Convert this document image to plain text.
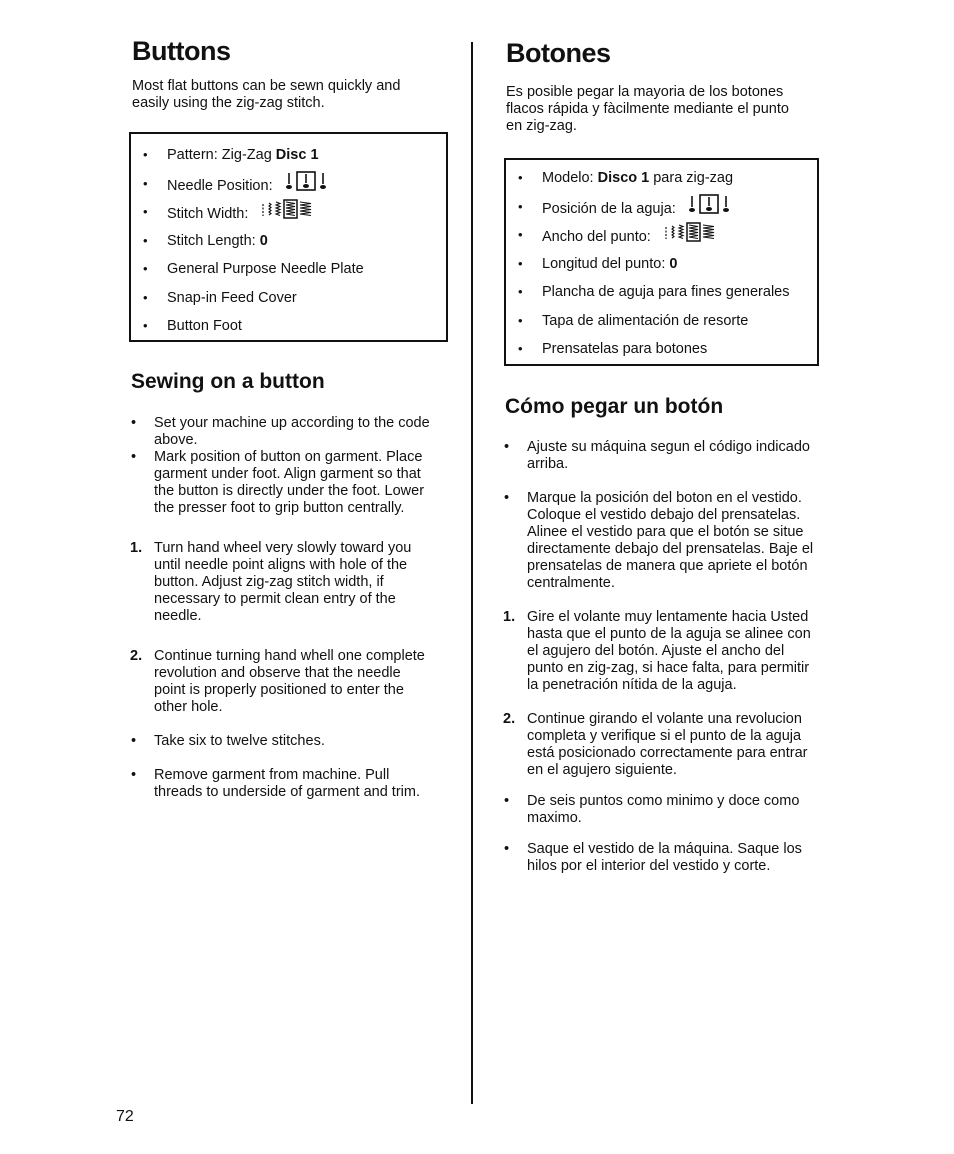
Buttons

Most flat buttons can be sewn quickly and easily using the zig-zag stitch.

• Pattern: Zig-Zag Disc 1
• Needle Position:
• Stitch Width:
• Stitch Length: 0
• General Purpose Needle Plate
• Snap-in Feed Cover
• Button Foot
Sewing on a button
•	Set your machine up according to the code above.
•	Mark position of button on garment. Place garment under foot. Align garment so that the button is directly under the foot. Lower the presser foot to grip button centrally.
1. Turn hand wheel very slowly toward you until needle point aligns with hole of the button. Adjust zig-zag stitch width, if necessary to permit clean entry of the needle.
2. Continue turning hand whell one complete revolution and observe that the needle point is properly positioned to enter the other hole.
•	Take six to twelve stitches.
•	Remove garment from machine. Pull threads to underside of garment and trim.
Botones

Es posible pegar la mayoria de los botones flacos rápida y fàcilmente mediante el punto en zig-zag.

• Modelo: Disco 1 para zig-zag
• Posición de la aguja:
• Ancho del punto:
• Longitud del punto: 0
• Plancha de aguja para fines generales
• Tapa de alimentación de resorte
• Prensatelas para botones
Cómo pegar un botón
•	Ajuste su máquina segun el código indicado arriba.
•	Marque la posición del boton en el vestido. Coloque el vestido debajo del prensatelas. Alinee el vestido para que el botón se situe directamente debajo del prensatelas. Baje el prensatelas de manera que apriete el botón centralmente.
1. Gire el volante muy lentamente hacia Usted hasta que el punto de la aguja se alinee con el agujero del botón. Ajuste el ancho del punto en zig-zag, si hace falta, para permitir la penetración nítida de la aguja.
2. Continue girando el volante una revolucion completa y verifique si el punto de la aguja está posicionado correctamente para entrar en el agujero siguiente.
•	De seis puntos como minimo y doce como maximo.
•	Saque el vestido de la máquina. Saque los hilos por el interior del vestido y corte.
72
